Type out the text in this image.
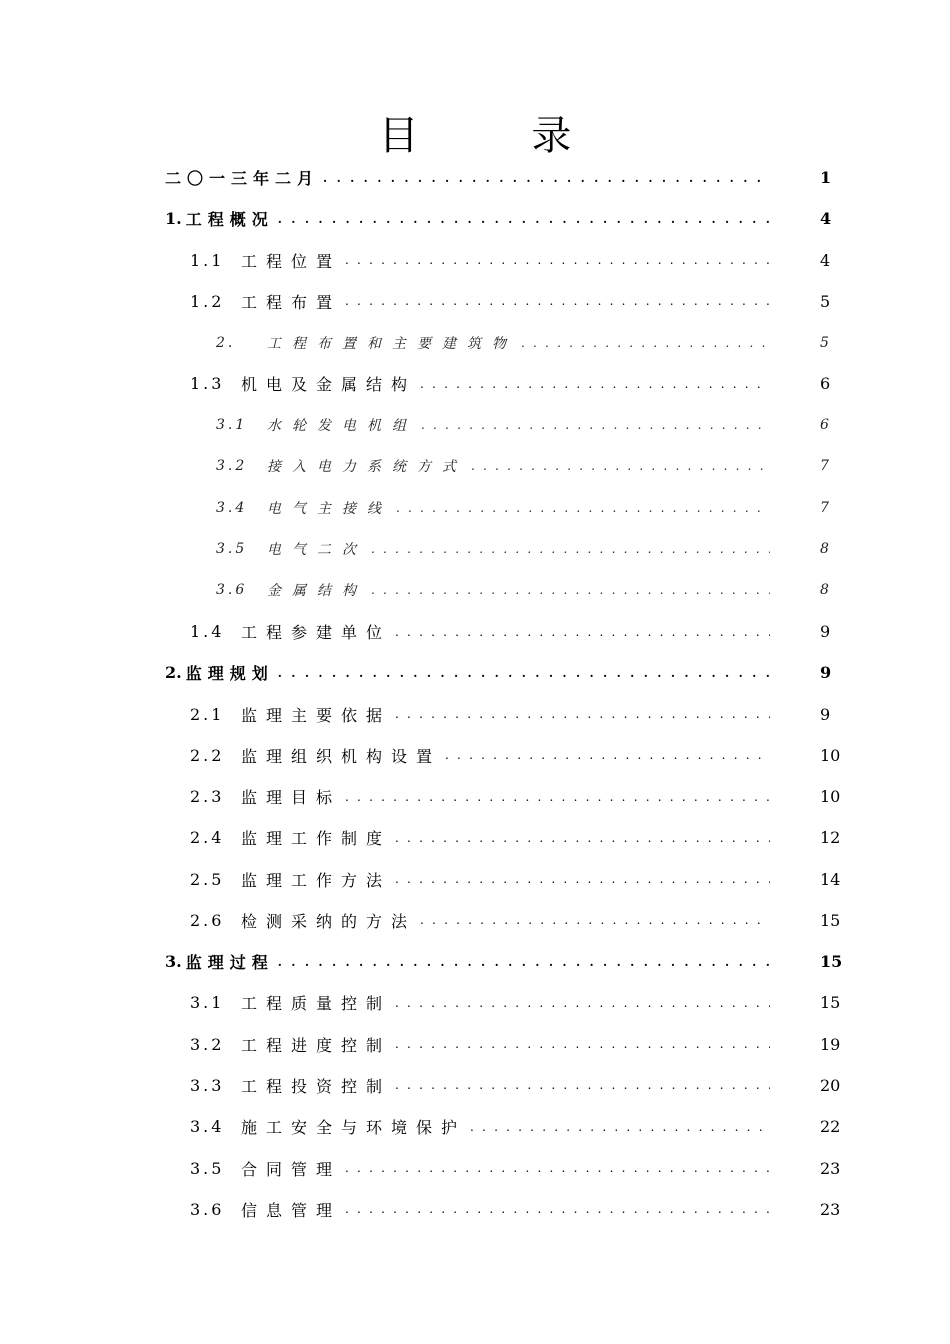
目 录
二〇一三年二月 . . .	1
1. 工程概况 . . .	4
1.1	工程位置 . . .	4
1.2	工程布置 . . .	5
2.	工程布置和主要建筑物 . . .	5
1.3	机电及金属结构 . . .	6
3.1	水轮发电机组 . . .	6
3.2	接入电力系统方式 . . .	7
3.4	电气主接线 . . .	7
3.5	电气二次 . . .	8
3.6	金属结构 . . .	8
1.4	工程参建单位 . . .	9
2. 监理规划 . . .	9
2.1	监理主要依据 . . .	9
2.2	监理组织机构设置 . . .	10
2.3	监理目标 . . .	10
2.4	监理工作制度 . . .	12
2.5	监理工作方法 . . .	14
2.6	检测采纳的方法 . . .	15
3. 监理过程 . . .	15
3.1	工程质量控制 . . .	15
3.2	工程进度控制 . . .	19
3.3	工程投资控制 . . .	20
3.4	施工安全与环境保护 . . .	22
3.5	合同管理 . . .	23
3.6	信息管理 . . .	23
